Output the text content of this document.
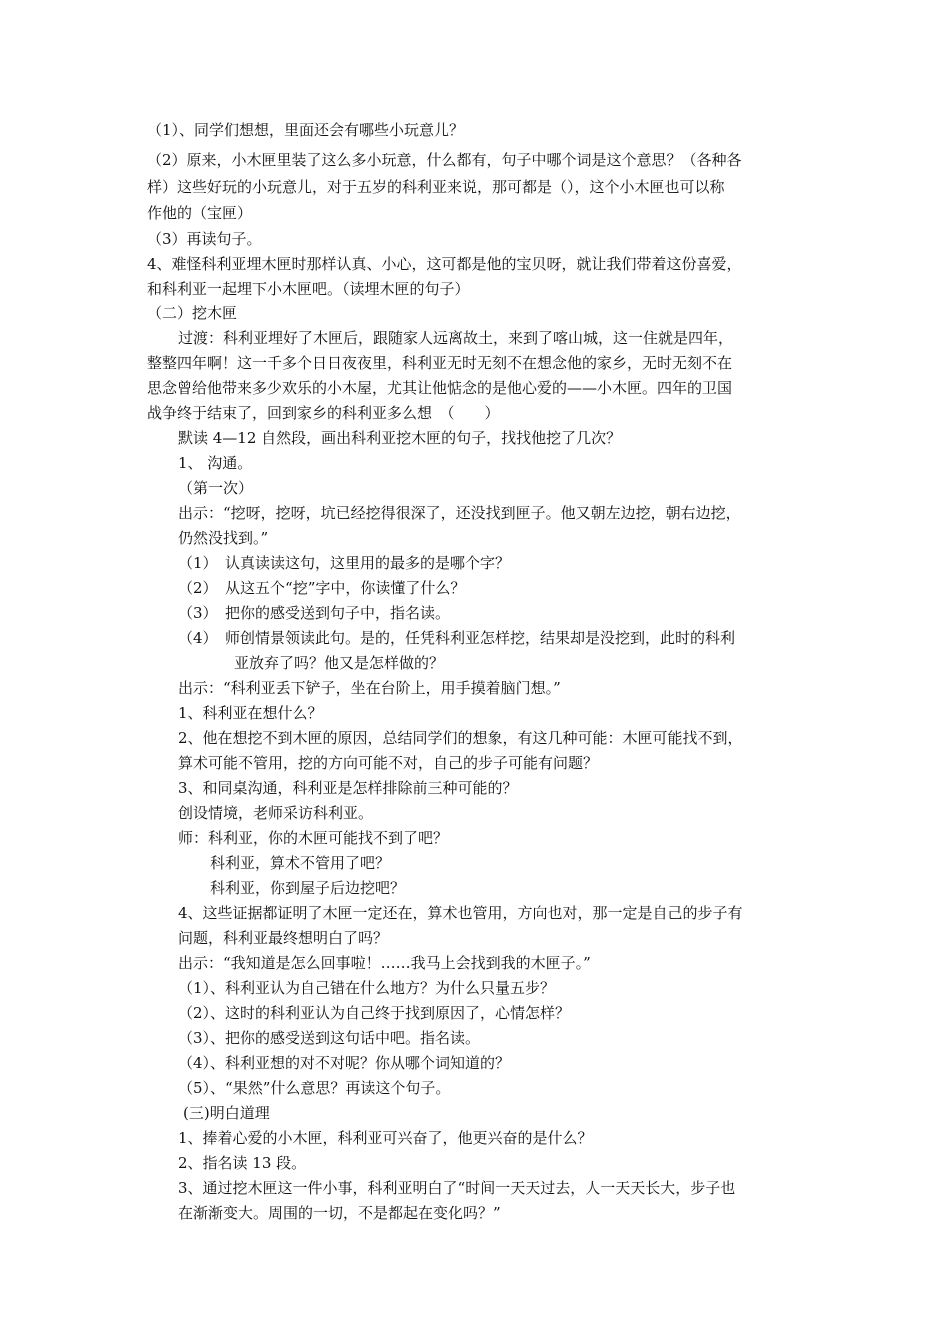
（1）、同学们想想，里面还会有哪些小玩意儿？
（2）原来，小木匣里装了这么多小玩意，什么都有，句子中哪个词是这个意思？（各种各
样）这些好玩的小玩意儿，对于五岁的科利亚来说，那可都是（），这个小木匣也可以称
作他的（宝匣）
（3）再读句子。
4、难怪科利亚埋木匣时那样认真、小心，这可都是他的宝贝呀，就让我们带着这份喜爱，
和科利亚一起埋下小木匣吧。（读埋木匣的句子）
（二）挖木匣
过渡：科利亚埋好了木匣后，跟随家人远离故土，来到了喀山城，这一住就是四年，
整整四年啊！这一千多个日日夜夜里，科利亚无时无刻不在想念他的家乡，无时无刻不在
思念曾给他带来多少欢乐的小木屋，尤其让他惦念的是他心爱的——小木匣。四年的卫国
战争终于结束了，回到家乡的科利亚多么想　（　　）
默读 4—12 自然段，画出科利亚挖木匣的句子，找找他挖了几次？
1、 沟通。
（第一次）
出示：“挖呀，挖呀，坑已经挖得很深了，还没找到匣子。他又朝左边挖，朝右边挖，
仍然没找到。”
（1）　认真读读这句，这里用的最多的是哪个字？
（2）　从这五个“挖”字中，你读懂了什么？
（3）　把你的感受送到句子中，指名读。
（4）　师创情景领读此句。是的，任凭科利亚怎样挖，结果却是没挖到，此时的科利
亚放弃了吗？他又是怎样做的？
出示：“科利亚丢下铲子，坐在台阶上，用手摸着脑门想。”
1、科利亚在想什么？
2、他在想挖不到木匣的原因，总结同学们的想象，有这几种可能：木匣可能找不到，
算术可能不管用，挖的方向可能不对，自己的步子可能有问题？
3、和同桌沟通，科利亚是怎样排除前三种可能的？
创设情境，老师采访科利亚。
师：科利亚，你的木匣可能找不到了吧？
科利亚，算术不管用了吧？
科利亚，你到屋子后边挖吧？
4、这些证据都证明了木匣一定还在，算术也管用，方向也对，那一定是自己的步子有
问题，科利亚最终想明白了吗？
出示：“我知道是怎么回事啦！……我马上会找到我的木匣子。”
（1）、科利亚认为自己错在什么地方？为什么只量五步？
（2）、这时的科利亚认为自己终于找到原因了，心情怎样？
（3）、把你的感受送到这句话中吧。指名读。
（4）、科利亚想的对不对呢？你从哪个词知道的？
（5）、“果然”什么意思？再读这个句子。
(三)明白道理
1、捧着心爱的小木匣，科利亚可兴奋了，他更兴奋的是什么？
2、指名读 13 段。
3、通过挖木匣这一件小事，科利亚明白了“时间一天天过去，人一天天长大，步子也
在渐渐变大。周围的一切，不是都起在变化吗？”
